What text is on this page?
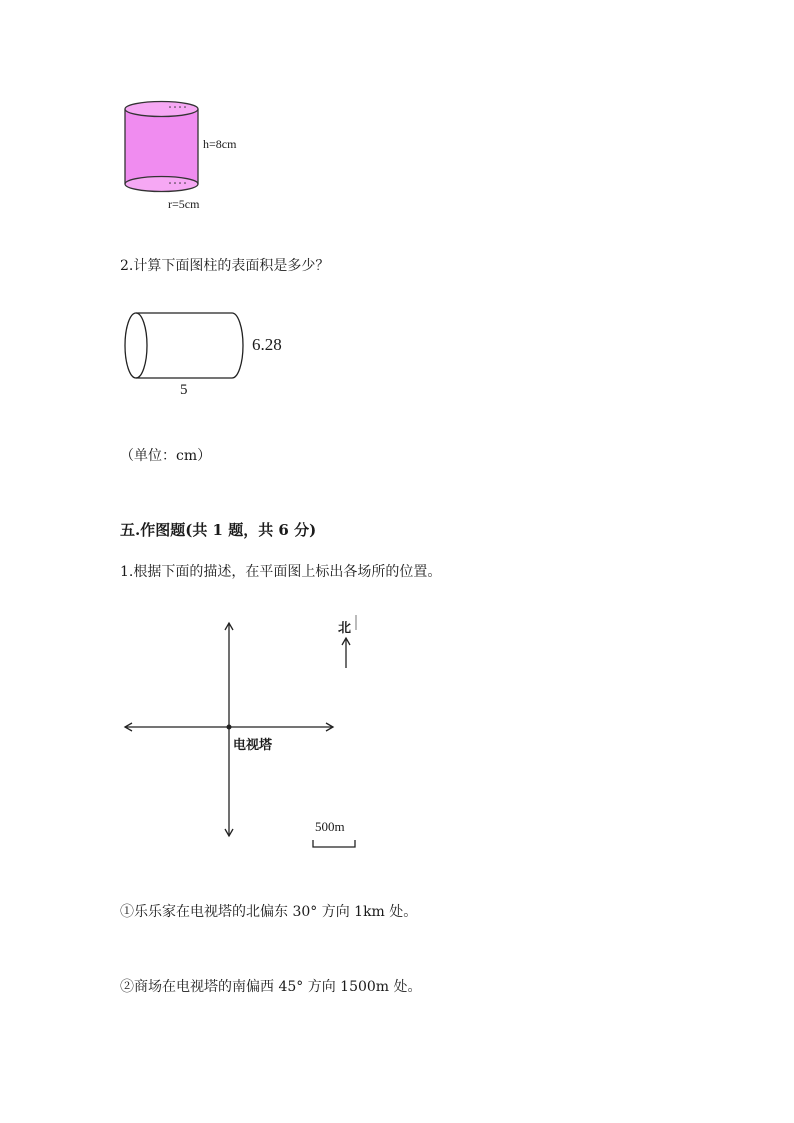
h=8cm
r=5cm
2.计算下面图柱的表面积是多少？
6.28
5
（单位：cm）
五.作图题(共 1 题，共 6 分)
1.根据下面的描述，在平面图上标出各场所的位置。
北
电视塔
500m
①乐乐家在电视塔的北偏东 30° 方向 1km 处。
②商场在电视塔的南偏西 45° 方向 1500m 处。
